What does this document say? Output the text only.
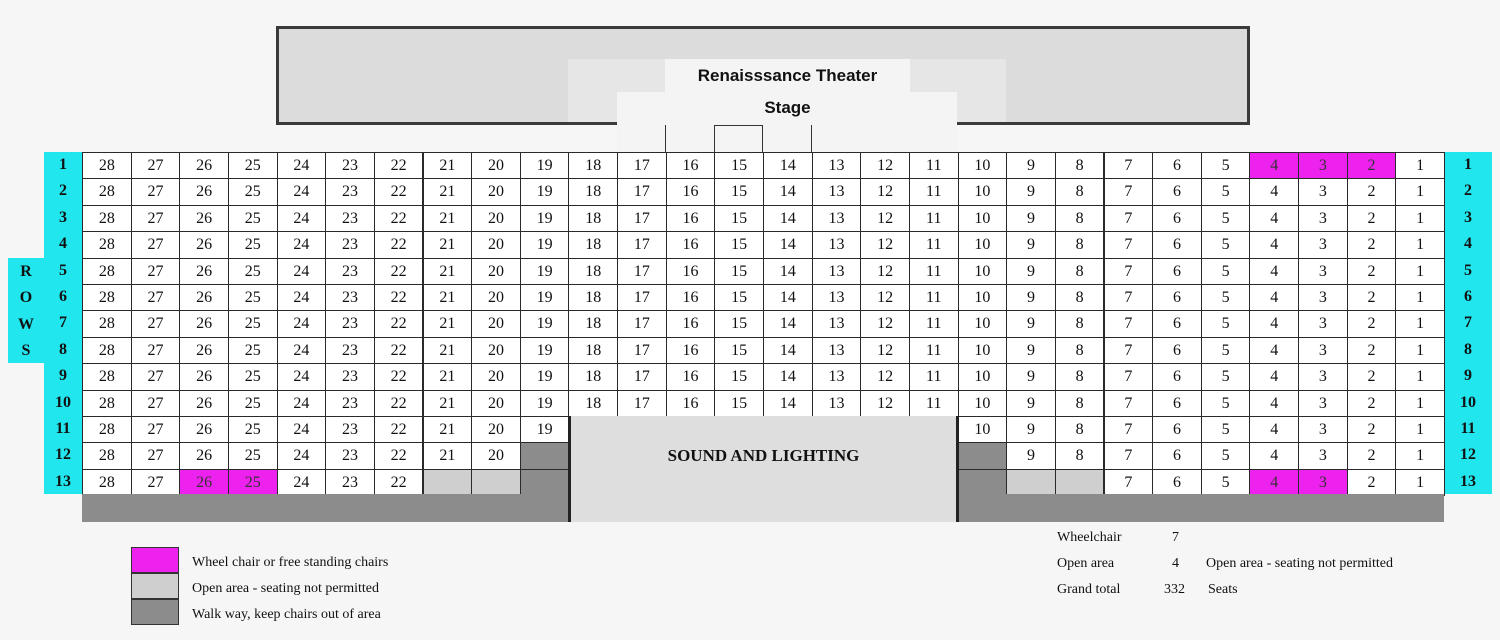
Renaisssance Theater
Stage
1	1
28	27	26	25	24	23	22	21	20	19	18	17	16	15	14	13	12	11	10	9	8	7	6	5	4	3	2	1
2	2
28	27	26	25	24	23	22	21	20	19	18	17	16	15	14	13	12	11	10	9	8	7	6	5	4	3	2	1
3	3
28	27	26	25	24	23	22	21	20	19	18	17	16	15	14	13	12	11	10	9	8	7	6	5	4	3	2	1
4	4
28	27	26	25	24	23	22	21	20	19	18	17	16	15	14	13	12	11	10	9	8	7	6	5	4	3	2	1
5	5
28	27	26	25	24	23	22	21	20	19	18	17	16	15	14	13	12	11	10	9	8	7	6	5	4	3	2	1
6	6
28	27	26	25	24	23	22	21	20	19	18	17	16	15	14	13	12	11	10	9	8	7	6	5	4	3	2	1
7	7
28	27	26	25	24	23	22	21	20	19	18	17	16	15	14	13	12	11	10	9	8	7	6	5	4	3	2	1
8	8
28	27	26	25	24	23	22	21	20	19	18	17	16	15	14	13	12	11	10	9	8	7	6	5	4	3	2	1
9	9
28	27	26	25	24	23	22	21	20	19	18	17	16	15	14	13	12	11	10	9	8	7	6	5	4	3	2	1
10	10
28	27	26	25	24	23	22	21	20	19	18	17	16	15	14	13	12	11	10	9	8	7	6	5	4	3	2	1
11	11
28	27	26	25	24	23	22	21	20	19	10	9	8	7	6	5	4	3	2	1
12	12
28	27	26	25	24	23	22	21	20	9	8	7	6	5	4	3	2	1
13	13
28	27	26	25	24	23	22	7	6	5	4	3	2	1
R
O
W
S
SOUND AND LIGHTING
Wheel chair or free standing chairs
Open area - seating not permitted
Walk way, keep chairs out of area
Wheelchair	7
Open area	4 Open area - seating not permitted
Grand total	332 Seats
